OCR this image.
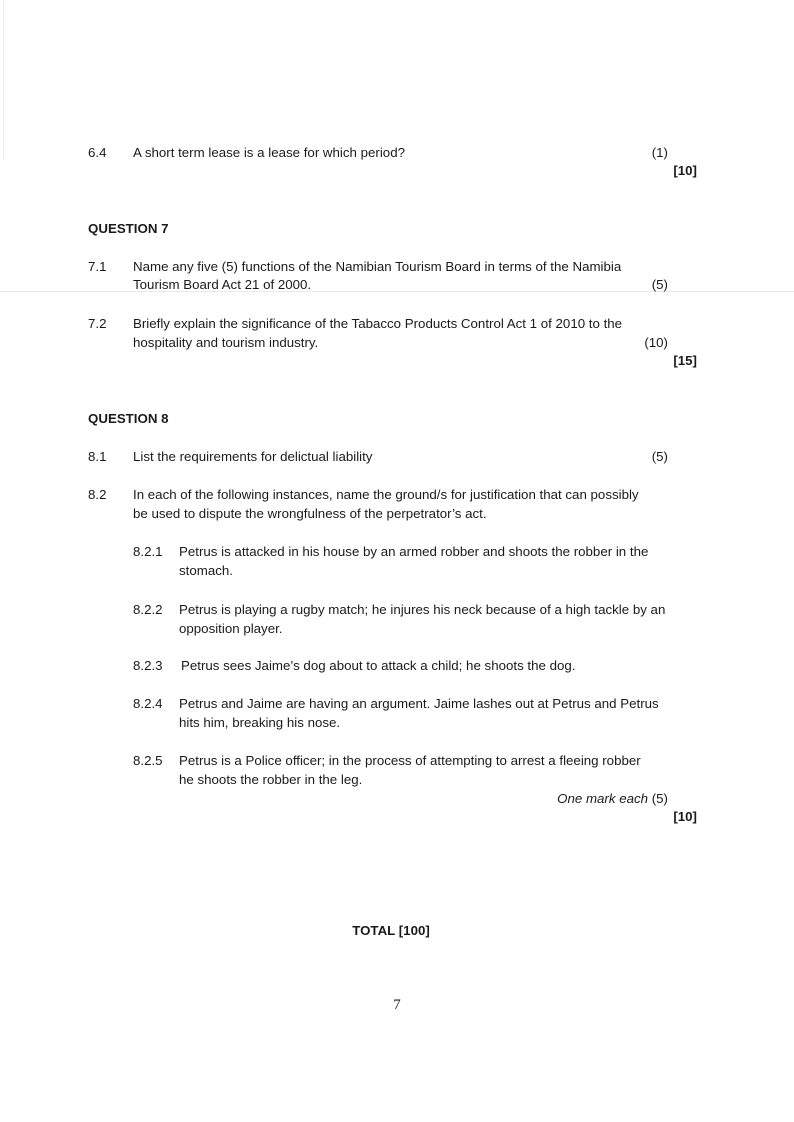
6.4 A short term lease is a lease for which period?	(1)
[10]
QUESTION 7
7.1 Name any five (5) functions of the Namibian Tourism Board in terms of the Namibia
Tourism Board Act 21 of 2000.	(5)
7.2 Briefly explain the significance of the Tabacco Products Control Act 1 of 2010 to the
hospitality and tourism industry.	(10)
[15]
QUESTION 8
8.1 List the requirements for delictual liability	(5)
8.2 In each of the following instances, name the ground/s for justification that can possibly
be used to dispute the wrongfulness of the perpetrator’s act.
8.2.1 Petrus is attacked in his house by an armed robber and shoots the robber in the
stomach.
8.2.2 Petrus is playing a rugby match; he injures his neck because of a high tackle by an
opposition player.
8.2.3 Petrus sees Jaime’s dog about to attack a child; he shoots the dog.
8.2.4 Petrus and Jaime are having an argument. Jaime lashes out at Petrus and Petrus
hits him, breaking his nose.
8.2.5 Petrus is a Police officer; in the process of attempting to arrest a fleeing robber
he shoots the robber in the leg.
One mark each (5)
[10]
TOTAL [100]
7
